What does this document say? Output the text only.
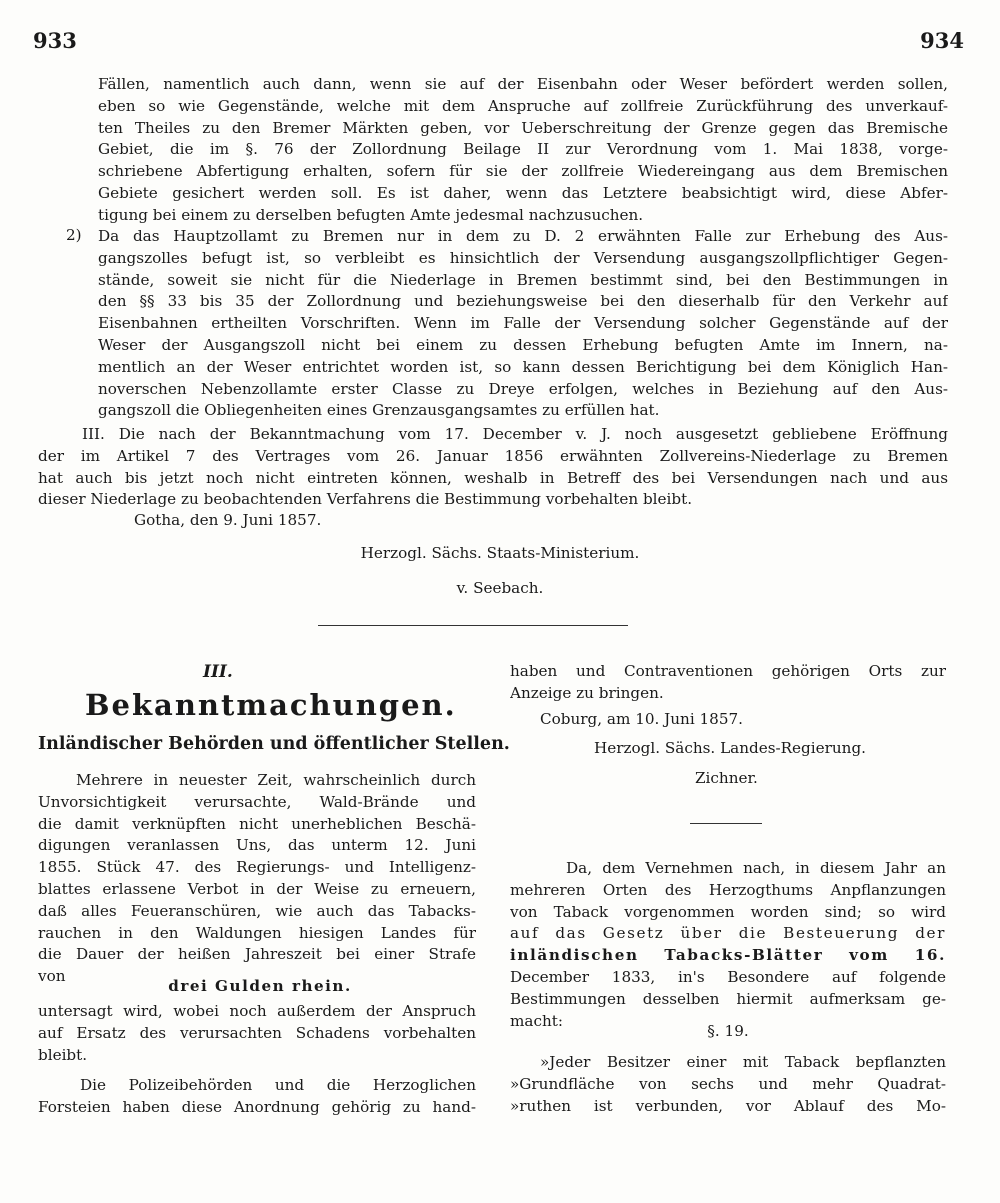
933	934
Fällen, namentlich auch dann, wenn sie auf der Eisenbahn oder Weser befördert werden sollen,
eben so wie Gegenstände, welche mit dem Anspruche auf zollfreie Zurückführung des unverkauf-
ten Theiles zu den Bremer Märkten geben, vor Ueberschreitung der Grenze gegen das Bremische
Gebiet, die im §. 76 der Zollordnung Beilage II zur Verordnung vom 1. Mai 1838, vorge-
schriebene Abfertigung erhalten, sofern für sie der zollfreie Wiedereingang aus dem Bremischen
Gebiete gesichert werden soll. Es ist daher, wenn das Letztere beabsichtigt wird, diese Abfer-
tigung bei einem zu derselben befugten Amte jedesmal nachzusuchen.
2) Da das Hauptzollamt zu Bremen nur in dem zu D. 2 erwähnten Falle zur Erhebung des Aus-
gangszolles befugt ist, so verbleibt es hinsichtlich der Versendung ausgangszollpflichtiger Gegen-
stände, soweit sie nicht für die Niederlage in Bremen bestimmt sind, bei den Bestimmungen in
den §§ 33 bis 35 der Zollordnung und beziehungsweise bei den dieserhalb für den Verkehr auf
Eisenbahnen ertheilten Vorschriften. Wenn im Falle der Versendung solcher Gegenstände auf der
Weser der Ausgangszoll nicht bei einem zu dessen Erhebung befugten Amte im Innern, na-
mentlich an der Weser entrichtet worden ist, so kann dessen Berichtigung bei dem Königlich Han-
noverschen Nebenzollamte erster Classe zu Dreye erfolgen, welches in Beziehung auf den Aus-
gangszoll die Obliegenheiten eines Grenzausgangsamtes zu erfüllen hat.
III. Die nach der Bekanntmachung vom 17. December v. J. noch ausgesetzt gebliebene Eröffnung
der im Artikel 7 des Vertrages vom 26. Januar 1856 erwähnten Zollvereins-Niederlage zu Bremen
hat auch bis jetzt noch nicht eintreten können, weshalb in Betreff des bei Versendungen nach und aus
dieser Niederlage zu beobachtenden Verfahrens die Bestimmung vorbehalten bleibt.
Gotha, den 9. Juni 1857.
Herzogl. Sächs. Staats-Ministerium.
v. Seebach.
III.
Bekanntmachungen.
Inländischer Behörden und öffentlicher Stellen.
Mehrere in neuester Zeit, wahrscheinlich durch
Unvorsichtigkeit verursachte, Wald-Brände und
die damit verknüpften nicht unerheblichen Beschä-
digungen veranlassen Uns, das unterm 12. Juni
1855. Stück 47. des Regierungs- und Intelligenz-
blattes erlassene Verbot in der Weise zu erneuern,
daß alles Feueranschüren, wie auch das Tabacks-
rauchen in den Waldungen hiesigen Landes für
die Dauer der heißen Jahreszeit bei einer Strafe
von
drei Gulden rhein.
untersagt wird, wobei noch außerdem der Anspruch
auf Ersatz des verursachten Schadens vorbehalten
bleibt.
Die Polizeibehörden und die Herzoglichen
Forsteien haben diese Anordnung gehörig zu hand-
haben und Contraventionen gehörigen Orts zur
Anzeige zu bringen.
Coburg, am 10. Juni 1857.
Herzogl. Sächs. Landes-Regierung.
Zichner.
Da, dem Vernehmen nach, in diesem Jahr an
mehreren Orten des Herzogthums Anpflanzungen
von Taback vorgenommen worden sind; so wird
auf das Gesetz über die Besteuerung der
inländischen Tabacks-Blätter vom 16.
December 1833, in's Besondere auf folgende
Bestimmungen desselben hiermit aufmerksam ge-
macht:
§. 19.
»Jeder Besitzer einer mit Taback bepflanzten
»Grundfläche von sechs und mehr Quadrat-
»ruthen ist verbunden, vor Ablauf des Mo-
